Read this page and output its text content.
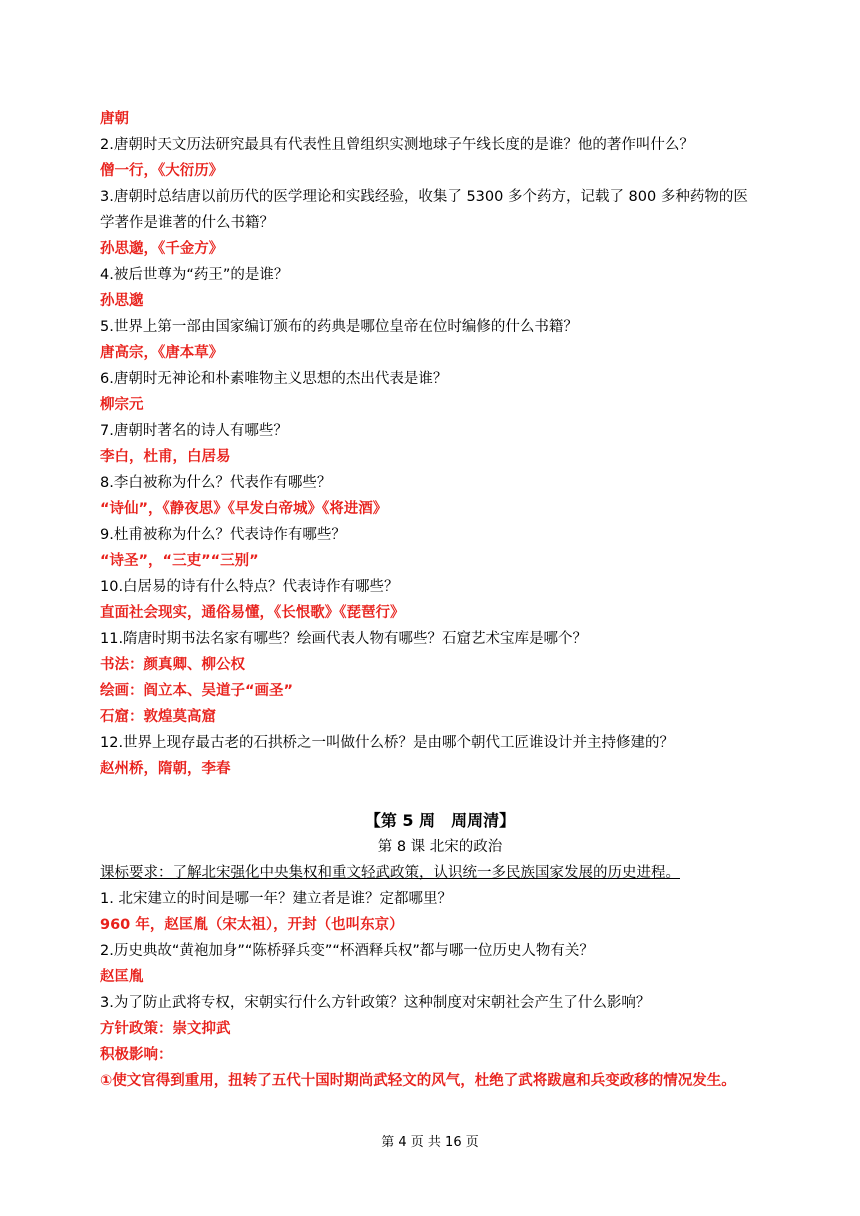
唐朝
2.唐朝时天文历法研究最具有代表性且曾组织实测地球子午线长度的是谁？他的著作叫什么？
僧一行，《大衍历》
3.唐朝时总结唐以前历代的医学理论和实践经验，收集了 5300 多个药方，记载了 800 多种药物的医
学著作是谁著的什么书籍？
孙思邈，《千金方》
4.被后世尊为“药王”的是谁？
孙思邈
5.世界上第一部由国家编订颁布的药典是哪位皇帝在位时编修的什么书籍？
唐高宗，《唐本草》
6.唐朝时无神论和朴素唯物主义思想的杰出代表是谁？
柳宗元
7.唐朝时著名的诗人有哪些？
李白，杜甫，白居易
8.李白被称为什么？代表作有哪些？
“诗仙”，《静夜思》《早发白帝城》《将进酒》
9.杜甫被称为什么？代表诗作有哪些？
“诗圣”，“三吏”“三别”
10.白居易的诗有什么特点？代表诗作有哪些？
直面社会现实，通俗易懂，《长恨歌》《琵琶行》
11.隋唐时期书法名家有哪些？绘画代表人物有哪些？石窟艺术宝库是哪个？
书法：颜真卿、柳公权
绘画：阎立本、吴道子“画圣”
石窟：敦煌莫高窟
12.世界上现存最古老的石拱桥之一叫做什么桥？是由哪个朝代工匠谁设计并主持修建的？
赵州桥，隋朝，李春
【第 5 周　周周清】
第 8 课 北宋的政治
课标要求：了解北宋强化中央集权和重文轻武政策，认识统一多民族国家发展的历史进程。
1. 北宋建立的时间是哪一年？建立者是谁？定都哪里？
960 年，赵匡胤（宋太祖），开封（也叫东京）
2.历史典故“黄袍加身”“陈桥驿兵变”“杯酒释兵权”都与哪一位历史人物有关？
赵匡胤
3.为了防止武将专权，宋朝实行什么方针政策？这种制度对宋朝社会产生了什么影响？
方针政策：崇文抑武
积极影响：
①使文官得到重用，扭转了五代十国时期尚武轻文的风气，杜绝了武将跋扈和兵变政移的情况发生。
第 4 页 共 16 页
